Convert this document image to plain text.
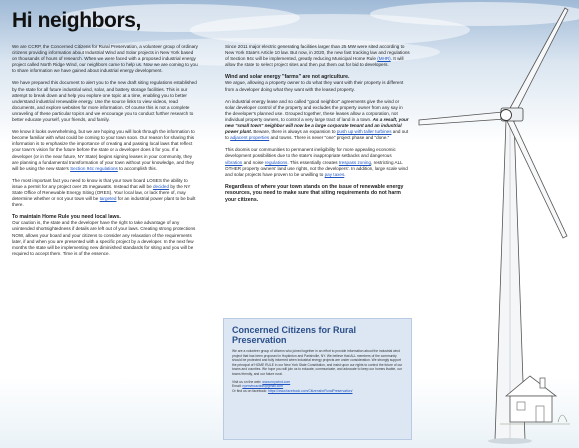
Hi neighbors,

We are CCRP, the Concerned Citizens for Rural Preservation, a volunteer group of ordinary citizens providing information about Industrial Wind and Solar projects in New York based on thousands of hours of research. When we were faced with a proposed industrial energy project called North Ridge Wind, our neighbors came to help us. Now we are coming to you to share information we have gained about industrial energy development.

We have prepared this document to alert you to the new draft siting regulations established by the state for all future industrial wind, solar, and battery storage facilities. This is our attempt to break down and help you explore one topic at a time, enabling you to better understand industrial renewable energy. Use the source links to view videos, read documents, and explore websites for more information. Of course this is not a complete unraveling of these particular topics and we encourage you to conduct further research to better educate yourself, your friends, and family.

We know it looks overwhelming, but we are hoping you will look through the information to become familiar with what could be coming to your town soon. Our reason for sharing this information is to emphasize the importance of creating and passing local laws that reflect your town's vision for the future before the state or a developer does it for you. If a developer (or in the near future, NY State) begins signing leases in your community, they are planning a fundamental transformation of your town without your knowledge, and they will be using the new state's Section 94c regulations to accomplish this.

The most important fact you need to know is that your town board LOSES the ability to issue a permit for any project over 25 megawatts. Instead that will be decided by the NY State Office of Renewable Energy Siting (ORES). Your local law, or lack there of, may determine whether or not your town will be targeted for an industrial power plant to be built there.

To maintain Home Rule you need local laws.

Our caution is, the state and the developer have the right to take advantage of any unintended shortsightedness if details are left out of your laws. Creating strong protections NOW, allows your board and your citizens to consider any relaxation of the requirements later, if and when you are presented with a specific project by a developer. In the next few months the state will be implementing new diminished standards for siting and you will be required to accept them. Time is of the essence.

Since 2011 major electric generating facilities larger than 25 MW were sited according to New York State's Article 10 law. But now, in 2020, the new fast tracking law and regulations of Section 94c will be implemented, greatly reducing Municipal Home Rule (MHR). It will allow the state to select project sites and then put them out for bid to developers.

Wind and solar energy "farms" are not agriculture.

We argue, allowing a property owner to do what they want with their property is different from a developer doing what they want with the leased property.

An industrial energy lease and so called "good neighbor" agreements give the wind or solar developer control of the property and excludes the property owner from any say in the developer's planned use. Grouped together, these leases allow a corporation, not individual property owners, to control a very large tract of land in a town. As a result, your new "small town" neighbor will now be a large corporate tenant and an industrial power plant. Beware, there is always an expansion to push up with taller turbines and out to adjacent properties and towns. There is never "one" project phase and "done."

This doomis our communities to permanent ineligibility for more appealing economic development possibilities due to the state's inappropriate setbacks and dangerous vibration and noise regulations. This essentially creates trespass zoning, restricting ALL OTHER property owners' land use rights, not the developers'. In addition, large scale wind and solar projects have proven to be unwilling to pay taxes.

Regardless of where your town stands on the issue of renewable energy resources, you need to make sure that siting requirements do not harm your citizens.

Concerned Citizens for Rural Preservation

We are a volunteer group of citizens who joined together in an effort to provide information about the industrial wind project that has been proposed in Hopkinton and Parishville, NY. We believe that ALL members of the community should be protected and fully informed when industrial energy projects are under consideration. We strongly support the principal of HOME RULE in our New York State Constitution, and insist upon our rights to control the future of our towns and counties. We hope you will join us to educate, communicate, and advocate to keep our homes livable, our towns friendly, and our future rural.

Visit us on the web: www.nnywind.com

Email: nyenviroaction@gmail.com

Or find us on facebook: https://www.facebook.com/CitizensforRuralPreservation/
